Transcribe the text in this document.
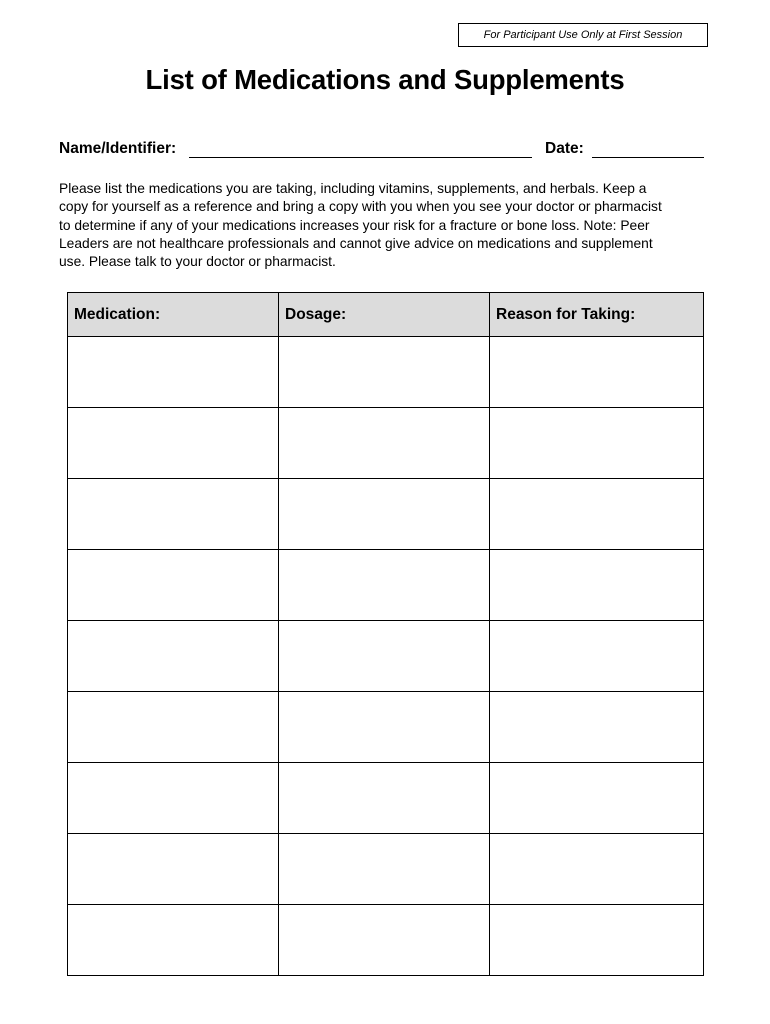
For Participant Use Only at First Session
List of Medications and Supplements
Name/Identifier:	Date:
Please list the medications you are taking, including vitamins, supplements, and herbals. Keep a
copy for yourself as a reference and bring a copy with you when you see your doctor or pharmacist
to determine if any of your medications increases your risk for a fracture or bone loss. Note: Peer
Leaders are not healthcare professionals and cannot give advice on medications and supplement
use. Please talk to your doctor or pharmacist.
Medication:	Dosage:	Reason for Taking:
